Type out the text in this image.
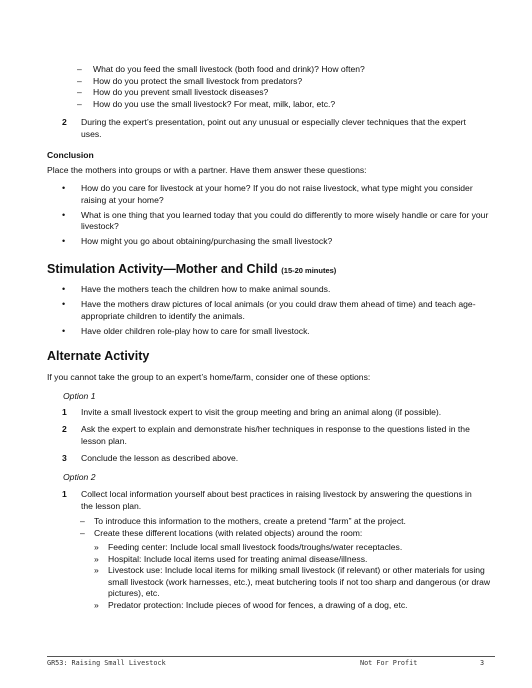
–	What do you feed the small livestock (both food and drink)? How often?
–	How do you protect the small livestock from predators?
–	How do you prevent small livestock diseases?
–	How do you use the small livestock? For meat, milk, labor, etc.?
2	During the expert’s presentation, point out any unusual or especially clever techniques that the expert uses.
Conclusion
Place the mothers into groups or with a partner. Have them answer these questions:
•	How do you care for livestock at your home? If you do not raise livestock, what type might you consider raising at your home?
•	What is one thing that you learned today that you could do differently to more wisely handle or care for your livestock?
•	How might you go about obtaining/purchasing the small livestock?
Stimulation Activity—Mother and Child (15-20 minutes)
•	Have the mothers teach the children how to make animal sounds.
•	Have the mothers draw pictures of local animals (or you could draw them ahead of time) and teach age-appropriate children to identify the animals.
•	Have older children role-play how to care for small livestock.
Alternate Activity
If you cannot take the group to an expert’s home/farm, consider one of these options:
Option 1
1	Invite a small livestock expert to visit the group meeting and bring an animal along (if possible).
2	Ask the expert to explain and demonstrate his/her techniques in response to the questions listed in the lesson plan.
3	Conclude the lesson as described above.
Option 2
1	Collect local information yourself about best practices in raising livestock by answering the questions in the lesson plan.
–	To introduce this information to the mothers, create a pretend “farm” at the project.
–	Create these different locations (with related objects) around the room:
»	Feeding center: Include local small livestock foods/troughs/water receptacles.
»	Hospital: Include local items used for treating animal disease/illness.
»	Livestock use: Include local items for milking small livestock (if relevant) or other materials for using small livestock (work harnesses, etc.), meat butchering tools if not too sharp and dangerous (or draw pictures), etc.
»	Predator protection: Include pieces of wood for fences, a drawing of a dog, etc.
GR53: Raising Small Livestock	Not For Profit	3
